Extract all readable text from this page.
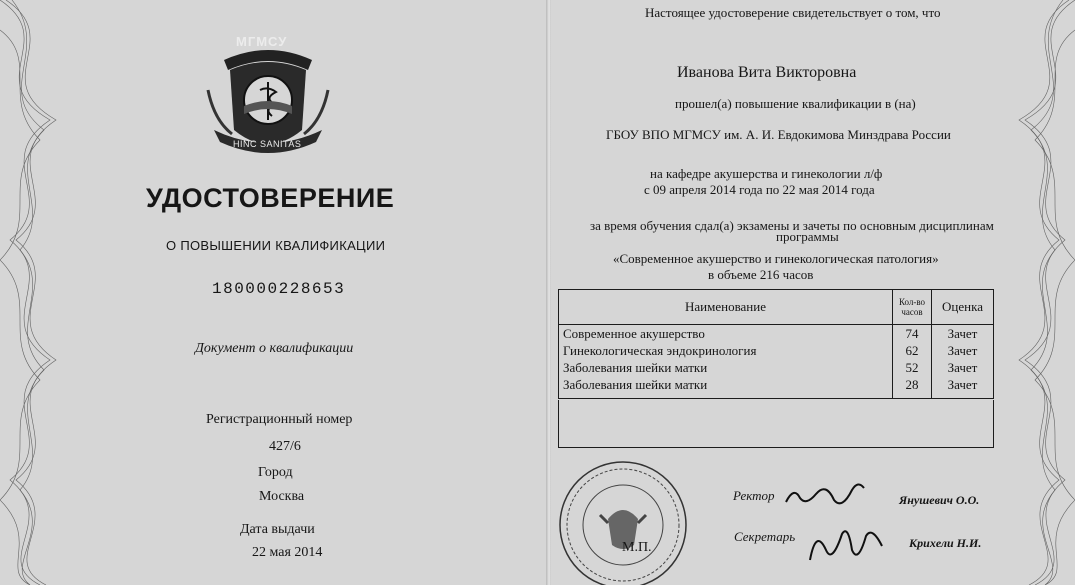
МГМСУ
HINC SANITAS
УДОСТОВЕРЕНИЕ
О ПОВЫШЕНИИ КВАЛИФИКАЦИИ
180000228653
Документ о квалификации
Регистрационный номер
427/6
Город
Москва
Дата выдачи
22 мая 2014
Настоящее удостоверение свидетельствует о том, что
Иванова Вита Викторовна
прошел(а) повышение квалификации в (на)
ГБОУ ВПО МГМСУ им. А. И. Евдокимова Минздрава России
на кафедре акушерства и гинекологии л/ф
с 09 апреля 2014 года по 22 мая 2014 года
за время обучения сдал(а) экзамены и зачеты по основным дисциплинам
программы
«Современное акушерство и гинекологическая патология»
в объеме 216 часов
Наименование	Кол-во часов	Оценка
Современное акушерство	74	Зачет
Гинекологическая эндокринология	62	Зачет
Заболевания шейки матки	52	Зачет
Заболевания шейки матки	28	Зачет
М.П.
Ректор	Янушевич О.О.
Секретарь	Крихели Н.И.
